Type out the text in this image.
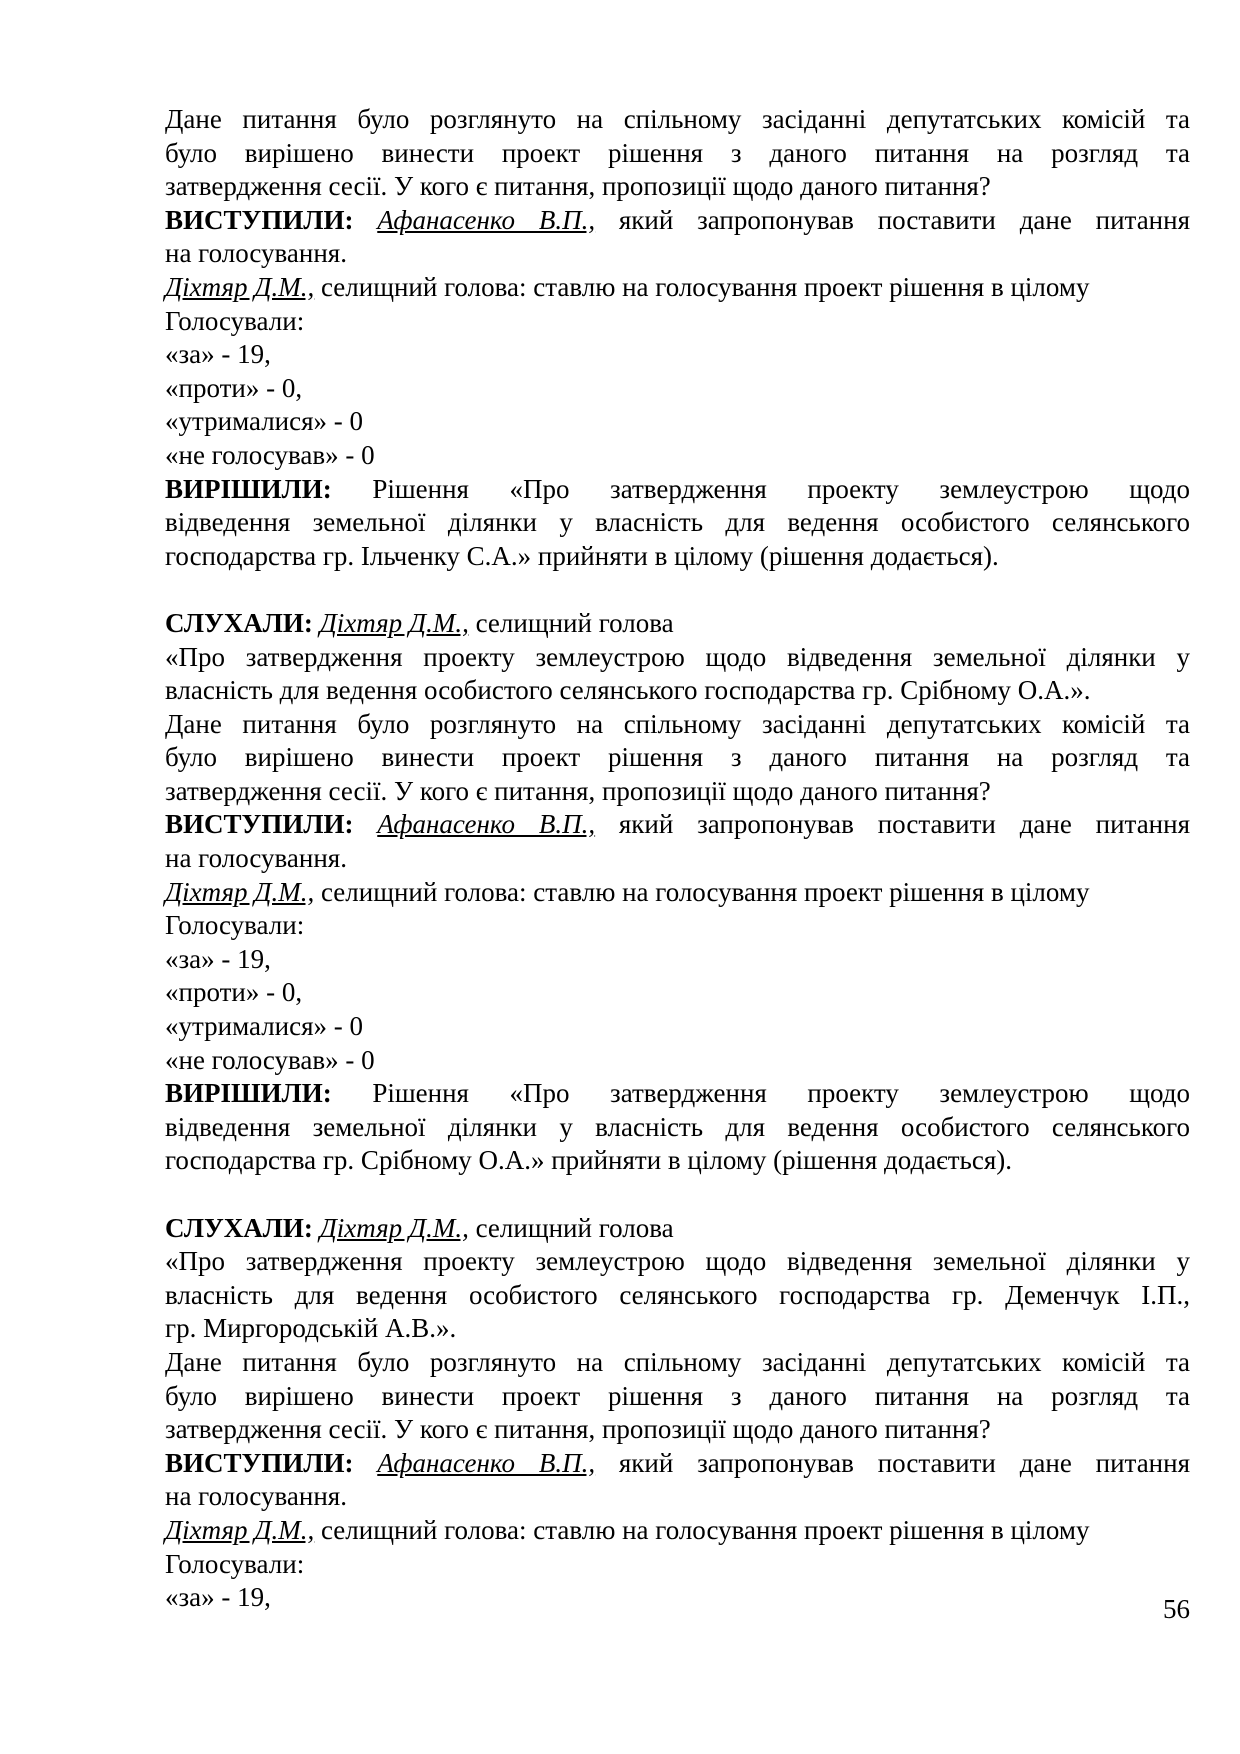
Дане питання було розглянуто на спільному засіданні депутатських комісій та

було вирішено винести проект рішення з даного питання на розгляд та

затвердження сесії. У кого є питання, пропозиції щодо даного питання?

ВИСТУПИЛИ: Афанасенко В.П., який запропонував поставити дане питання

на голосування.

Діхтяр Д.М., селищний голова: ставлю на голосування проект рішення в цілому

Голосували:

«за» - 19,

«проти» - 0,

«утрималися» - 0

«не голосував» - 0

ВИРІШИЛИ: Рішення «Про затвердження проекту землеустрою щодо

відведення земельної ділянки у власність для ведення особистого селянського

господарства гр. Ільченку С.А.» прийняти в цілому (рішення додається).

СЛУХАЛИ: Діхтяр Д.М., селищний голова

«Про затвердження проекту землеустрою щодо відведення земельної ділянки у

власність для ведення особистого селянського господарства гр. Срібному О.А.».

Дане питання було розглянуто на спільному засіданні депутатських комісій та

було вирішено винести проект рішення з даного питання на розгляд та

затвердження сесії. У кого є питання, пропозиції щодо даного питання?

ВИСТУПИЛИ: Афанасенко В.П., який запропонував поставити дане питання

на голосування.

Діхтяр Д.М., селищний голова: ставлю на голосування проект рішення в цілому

Голосували:

«за» - 19,

«проти» - 0,

«утрималися» - 0

«не голосував» - 0

ВИРІШИЛИ: Рішення «Про затвердження проекту землеустрою щодо

відведення земельної ділянки у власність для ведення особистого селянського

господарства гр. Срібному О.А.» прийняти в цілому (рішення додається).

СЛУХАЛИ: Діхтяр Д.М., селищний голова

«Про затвердження проекту землеустрою щодо відведення земельної ділянки у

власність для ведення особистого селянського господарства гр. Деменчук І.П.,

гр. Миргородській А.В.».

Дане питання було розглянуто на спільному засіданні депутатських комісій та

було вирішено винести проект рішення з даного питання на розгляд та

затвердження сесії. У кого є питання, пропозиції щодо даного питання?

ВИСТУПИЛИ: Афанасенко В.П., який запропонував поставити дане питання

на голосування.

Діхтяр Д.М., селищний голова: ставлю на голосування проект рішення в цілому

Голосували:

«за» - 19,	56
